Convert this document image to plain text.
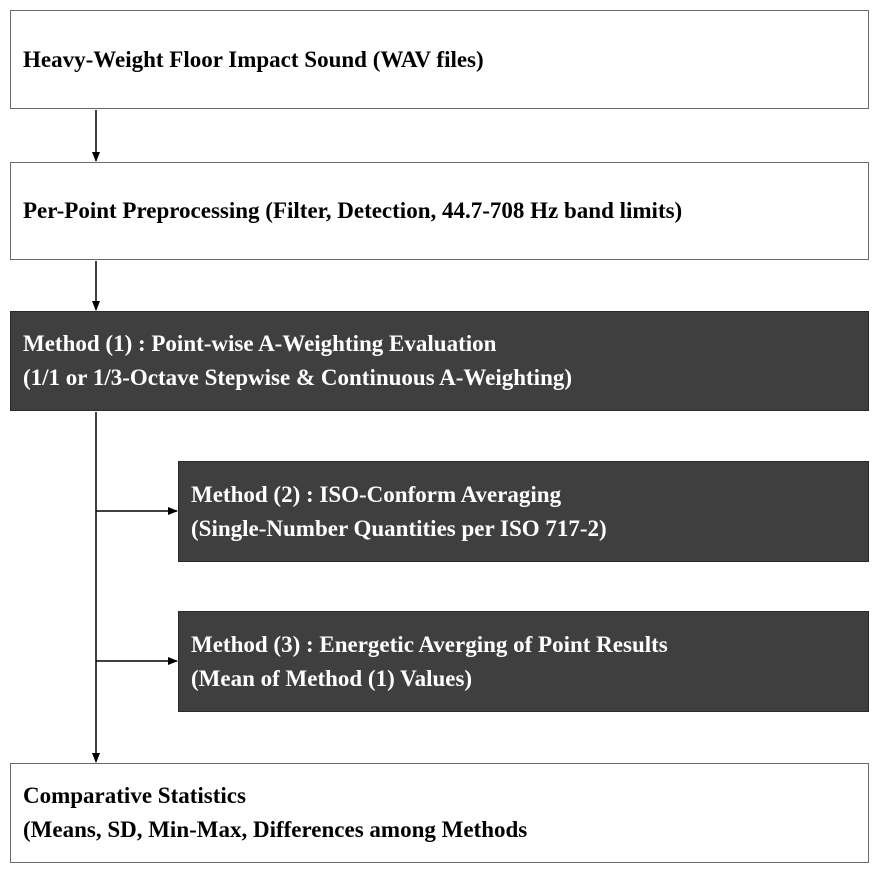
Heavy-Weight Floor Impact Sound (WAV files)
Per-Point Preprocessing (Filter, Detection, 44.7-708 Hz band limits)
Method (1) : Point-wise A-Weighting Evaluation
(1/1 or 1/3-Octave Stepwise & Continuous A-Weighting)
Method (2) : ISO-Conform Averaging
(Single-Number Quantities per ISO 717-2)
Method (3) : Energetic Averging of Point Results
(Mean of Method (1) Values)
Comparative Statistics
(Means, SD, Min-Max, Differences among Methods
